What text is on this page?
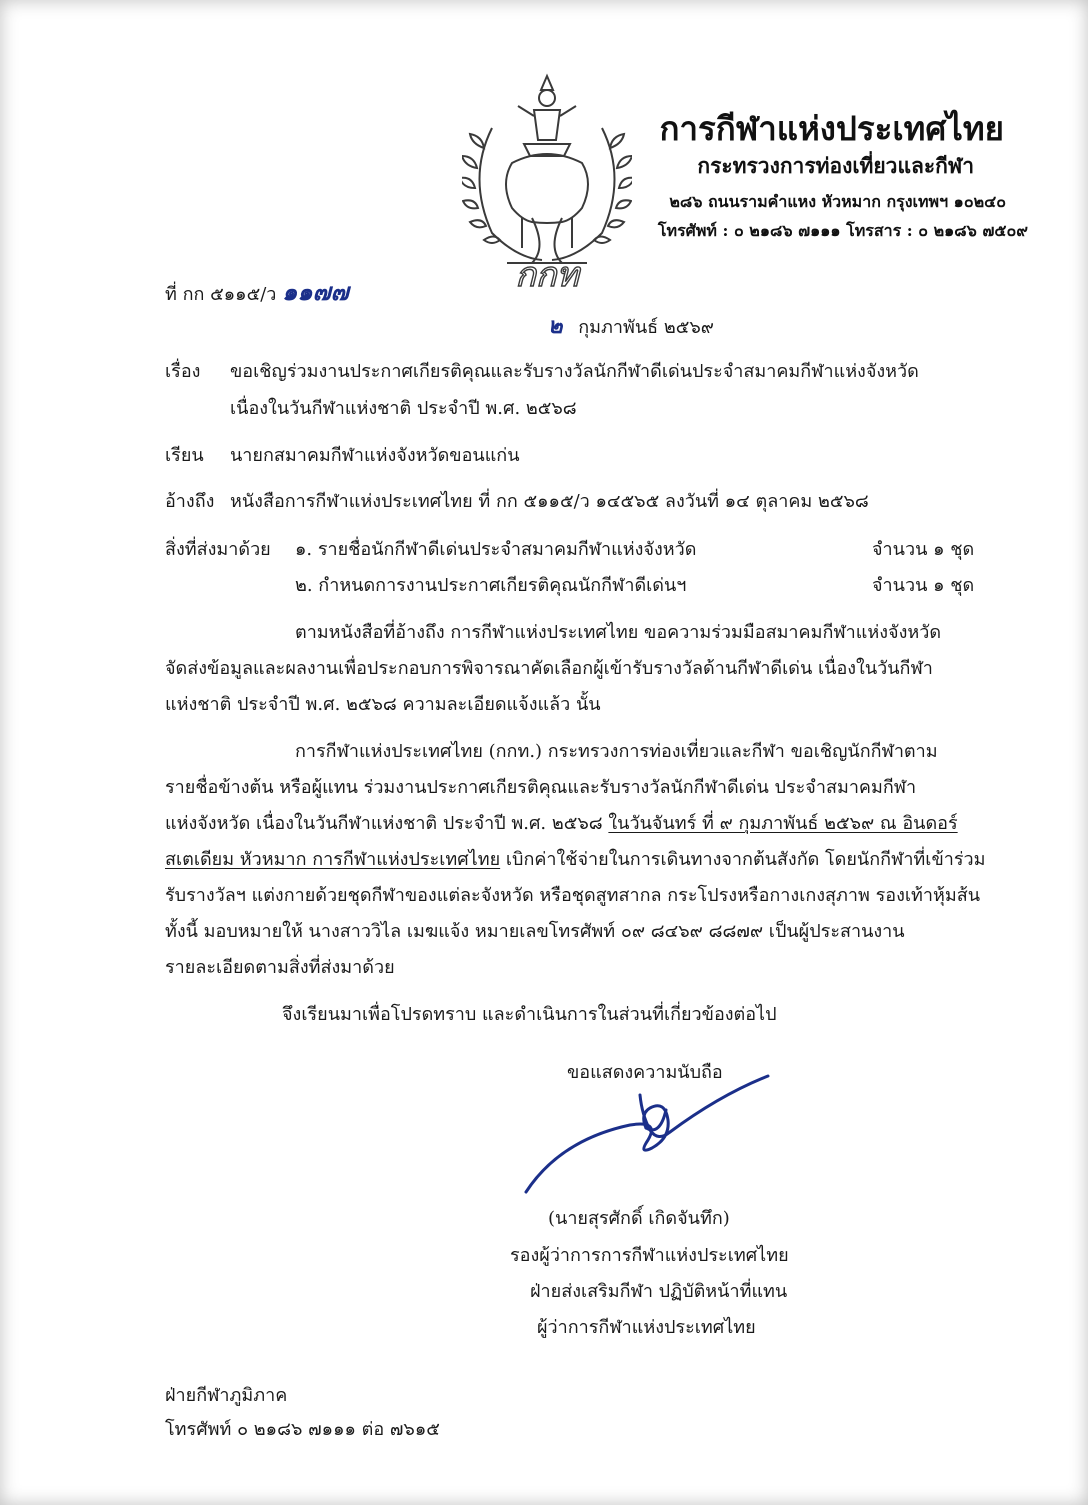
กกท
การกีฬาแห่งประเทศไทย
กระทรวงการท่องเที่ยวและกีฬา
๒๘๖ ถนนรามคำแหง หัวหมาก กรุงเทพฯ ๑๐๒๔๐
โทรศัพท์ : ๐ ๒๑๘๖ ๗๑๑๑ โทรสาร : ๐ ๒๑๘๖ ๗๕๐๙
ที่ กก ๕๑๑๕/ว ๑๑๗๗
๒ กุมภาพันธ์ ๒๕๖๙
เรื่อง ขอเชิญร่วมงานประกาศเกียรติคุณและรับรางวัลนักกีฬาดีเด่นประจำสมาคมกีฬาแห่งจังหวัด
เนื่องในวันกีฬาแห่งชาติ ประจำปี พ.ศ. ๒๕๖๘
เรียน นายกสมาคมกีฬาแห่งจังหวัดขอนแก่น
อ้างถึง หนังสือการกีฬาแห่งประเทศไทย ที่ กก ๕๑๑๕/ว ๑๔๕๖๕ ลงวันที่ ๑๔ ตุลาคม ๒๕๖๘
สิ่งที่ส่งมาด้วย ๑. รายชื่อนักกีฬาดีเด่นประจำสมาคมกีฬาแห่งจังหวัด	จำนวน ๑ ชุด
๒. กำหนดการงานประกาศเกียรติคุณนักกีฬาดีเด่นฯ	จำนวน ๑ ชุด
ตามหนังสือที่อ้างถึง การกีฬาแห่งประเทศไทย ขอความร่วมมือสมาคมกีฬาแห่งจังหวัด
จัดส่งข้อมูลและผลงานเพื่อประกอบการพิจารณาคัดเลือกผู้เข้ารับรางวัลด้านกีฬาดีเด่น เนื่องในวันกีฬา
แห่งชาติ ประจำปี พ.ศ. ๒๕๖๘ ความละเอียดแจ้งแล้ว นั้น
การกีฬาแห่งประเทศไทย (กกท.) กระทรวงการท่องเที่ยวและกีฬา ขอเชิญนักกีฬาตาม
รายชื่อข้างต้น หรือผู้แทน ร่วมงานประกาศเกียรติคุณและรับรางวัลนักกีฬาดีเด่น ประจำสมาคมกีฬา
แห่งจังหวัด เนื่องในวันกีฬาแห่งชาติ ประจำปี พ.ศ. ๒๕๖๘ ในวันจันทร์ ที่ ๙ กุมภาพันธ์ ๒๕๖๙ ณ อินดอร์
สเตเดียม หัวหมาก การกีฬาแห่งประเทศไทย เบิกค่าใช้จ่ายในการเดินทางจากต้นสังกัด โดยนักกีฬาที่เข้าร่วม
รับรางวัลฯ แต่งกายด้วยชุดกีฬาของแต่ละจังหวัด หรือชุดสูทสากล กระโปรงหรือกางเกงสุภาพ รองเท้าหุ้มส้น
ทั้งนี้ มอบหมายให้ นางสาววิไล เมฆแจ้ง หมายเลขโทรศัพท์ ๐๙ ๘๔๖๙ ๘๘๗๙ เป็นผู้ประสานงาน
รายละเอียดตามสิ่งที่ส่งมาด้วย
จึงเรียนมาเพื่อโปรดทราบ และดำเนินการในส่วนที่เกี่ยวข้องต่อไป
ขอแสดงความนับถือ
(นายสุรศักดิ์ เกิดจันทึก)
รองผู้ว่าการการกีฬาแห่งประเทศไทย
ฝ่ายส่งเสริมกีฬา ปฏิบัติหน้าที่แทน
ผู้ว่าการกีฬาแห่งประเทศไทย
ฝ่ายกีฬาภูมิภาค
โทรศัพท์ ๐ ๒๑๘๖ ๗๑๑๑ ต่อ ๗๖๑๕
